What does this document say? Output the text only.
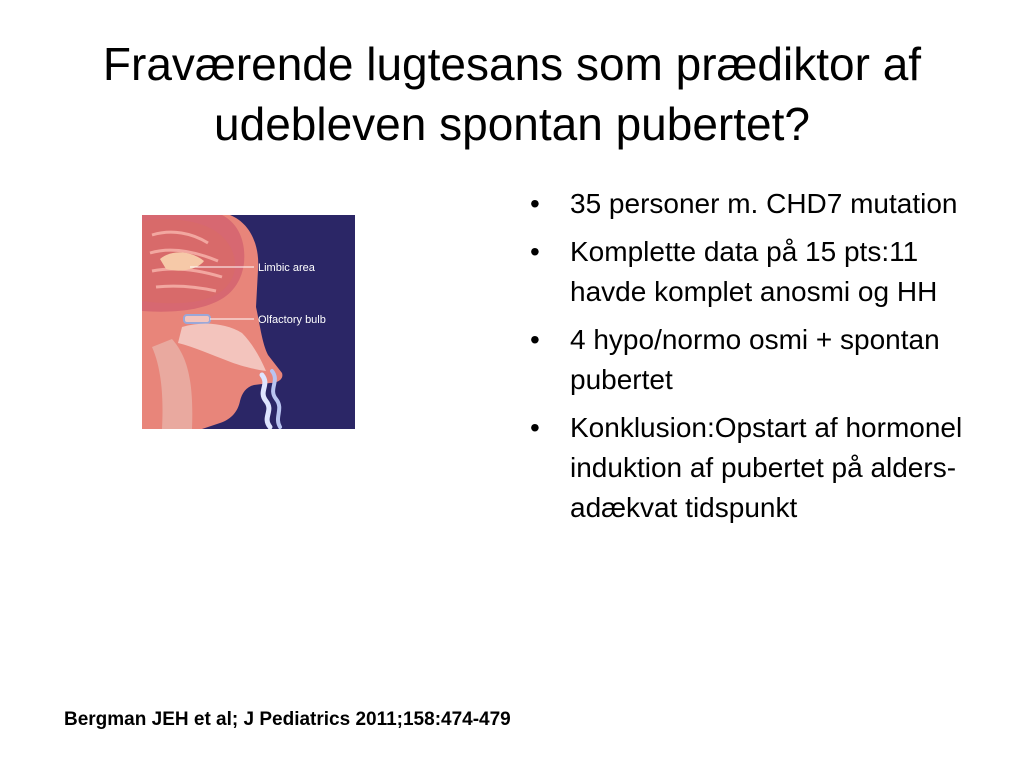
Fraværende lugtesans som prædiktor af udebleven spontan pubertet?
Limbic area
Olfactory bulb
•	35 personer m. CHD7 mutation
•	Komplette data på 15 pts:11 havde komplet anosmi og HH
•	4 hypo/normo osmi + spontan pubertet
•	Konklusion:Opstart af hormonel induktion af pubertet på alders-adækvat tidspunkt
Bergman JEH et al; J Pediatrics 2011;158:474-479
